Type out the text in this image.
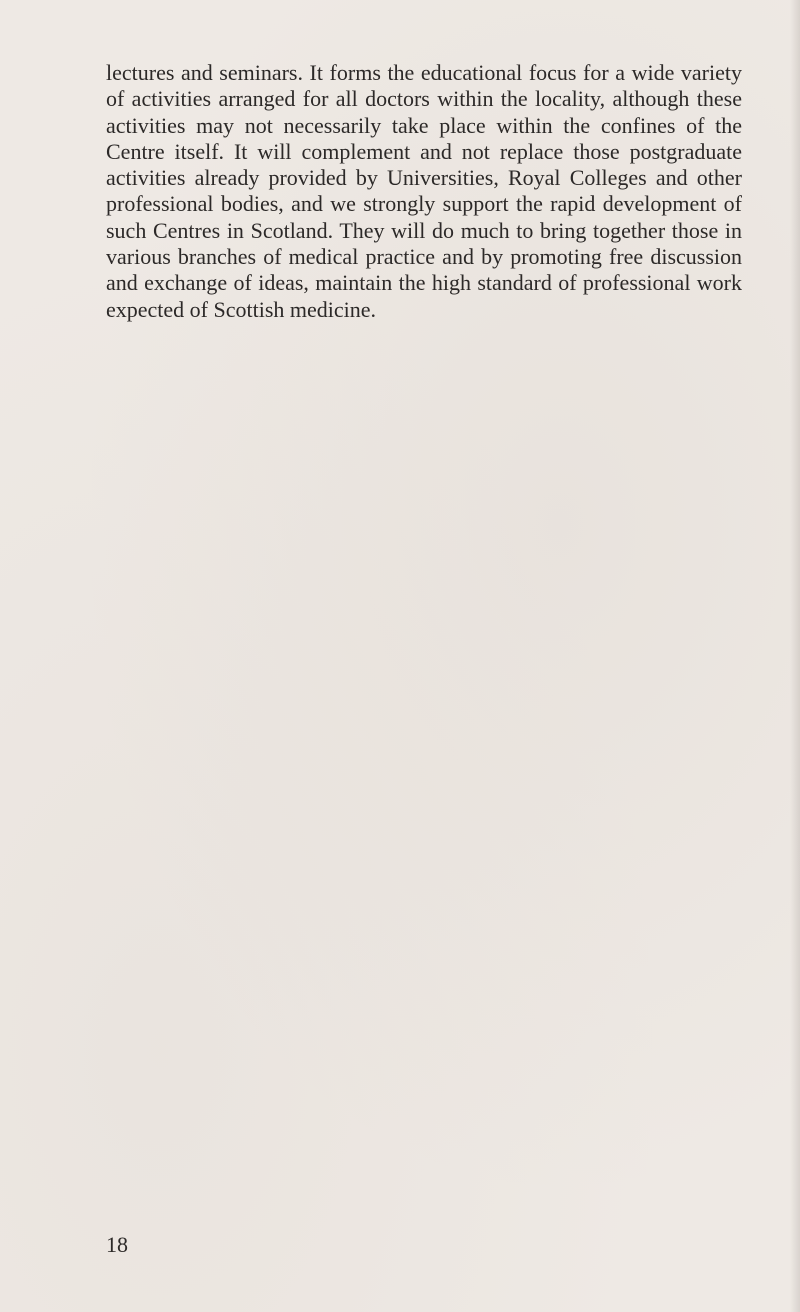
lectures and seminars. It forms the educational focus for a wide variety of activities arranged for all doctors within the locality, although these activities may not necessarily take place within the confines of the Centre itself. It will complement and not replace those postgraduate activities already provided by Universities, Royal Colleges and other professional bodies, and we strongly support the rapid development of such Centres in Scotland. They will do much to bring together those in various branches of medical practice and by promoting free discussion and exchange of ideas, maintain the high standard of professional work expected of Scottish medicine.

18
